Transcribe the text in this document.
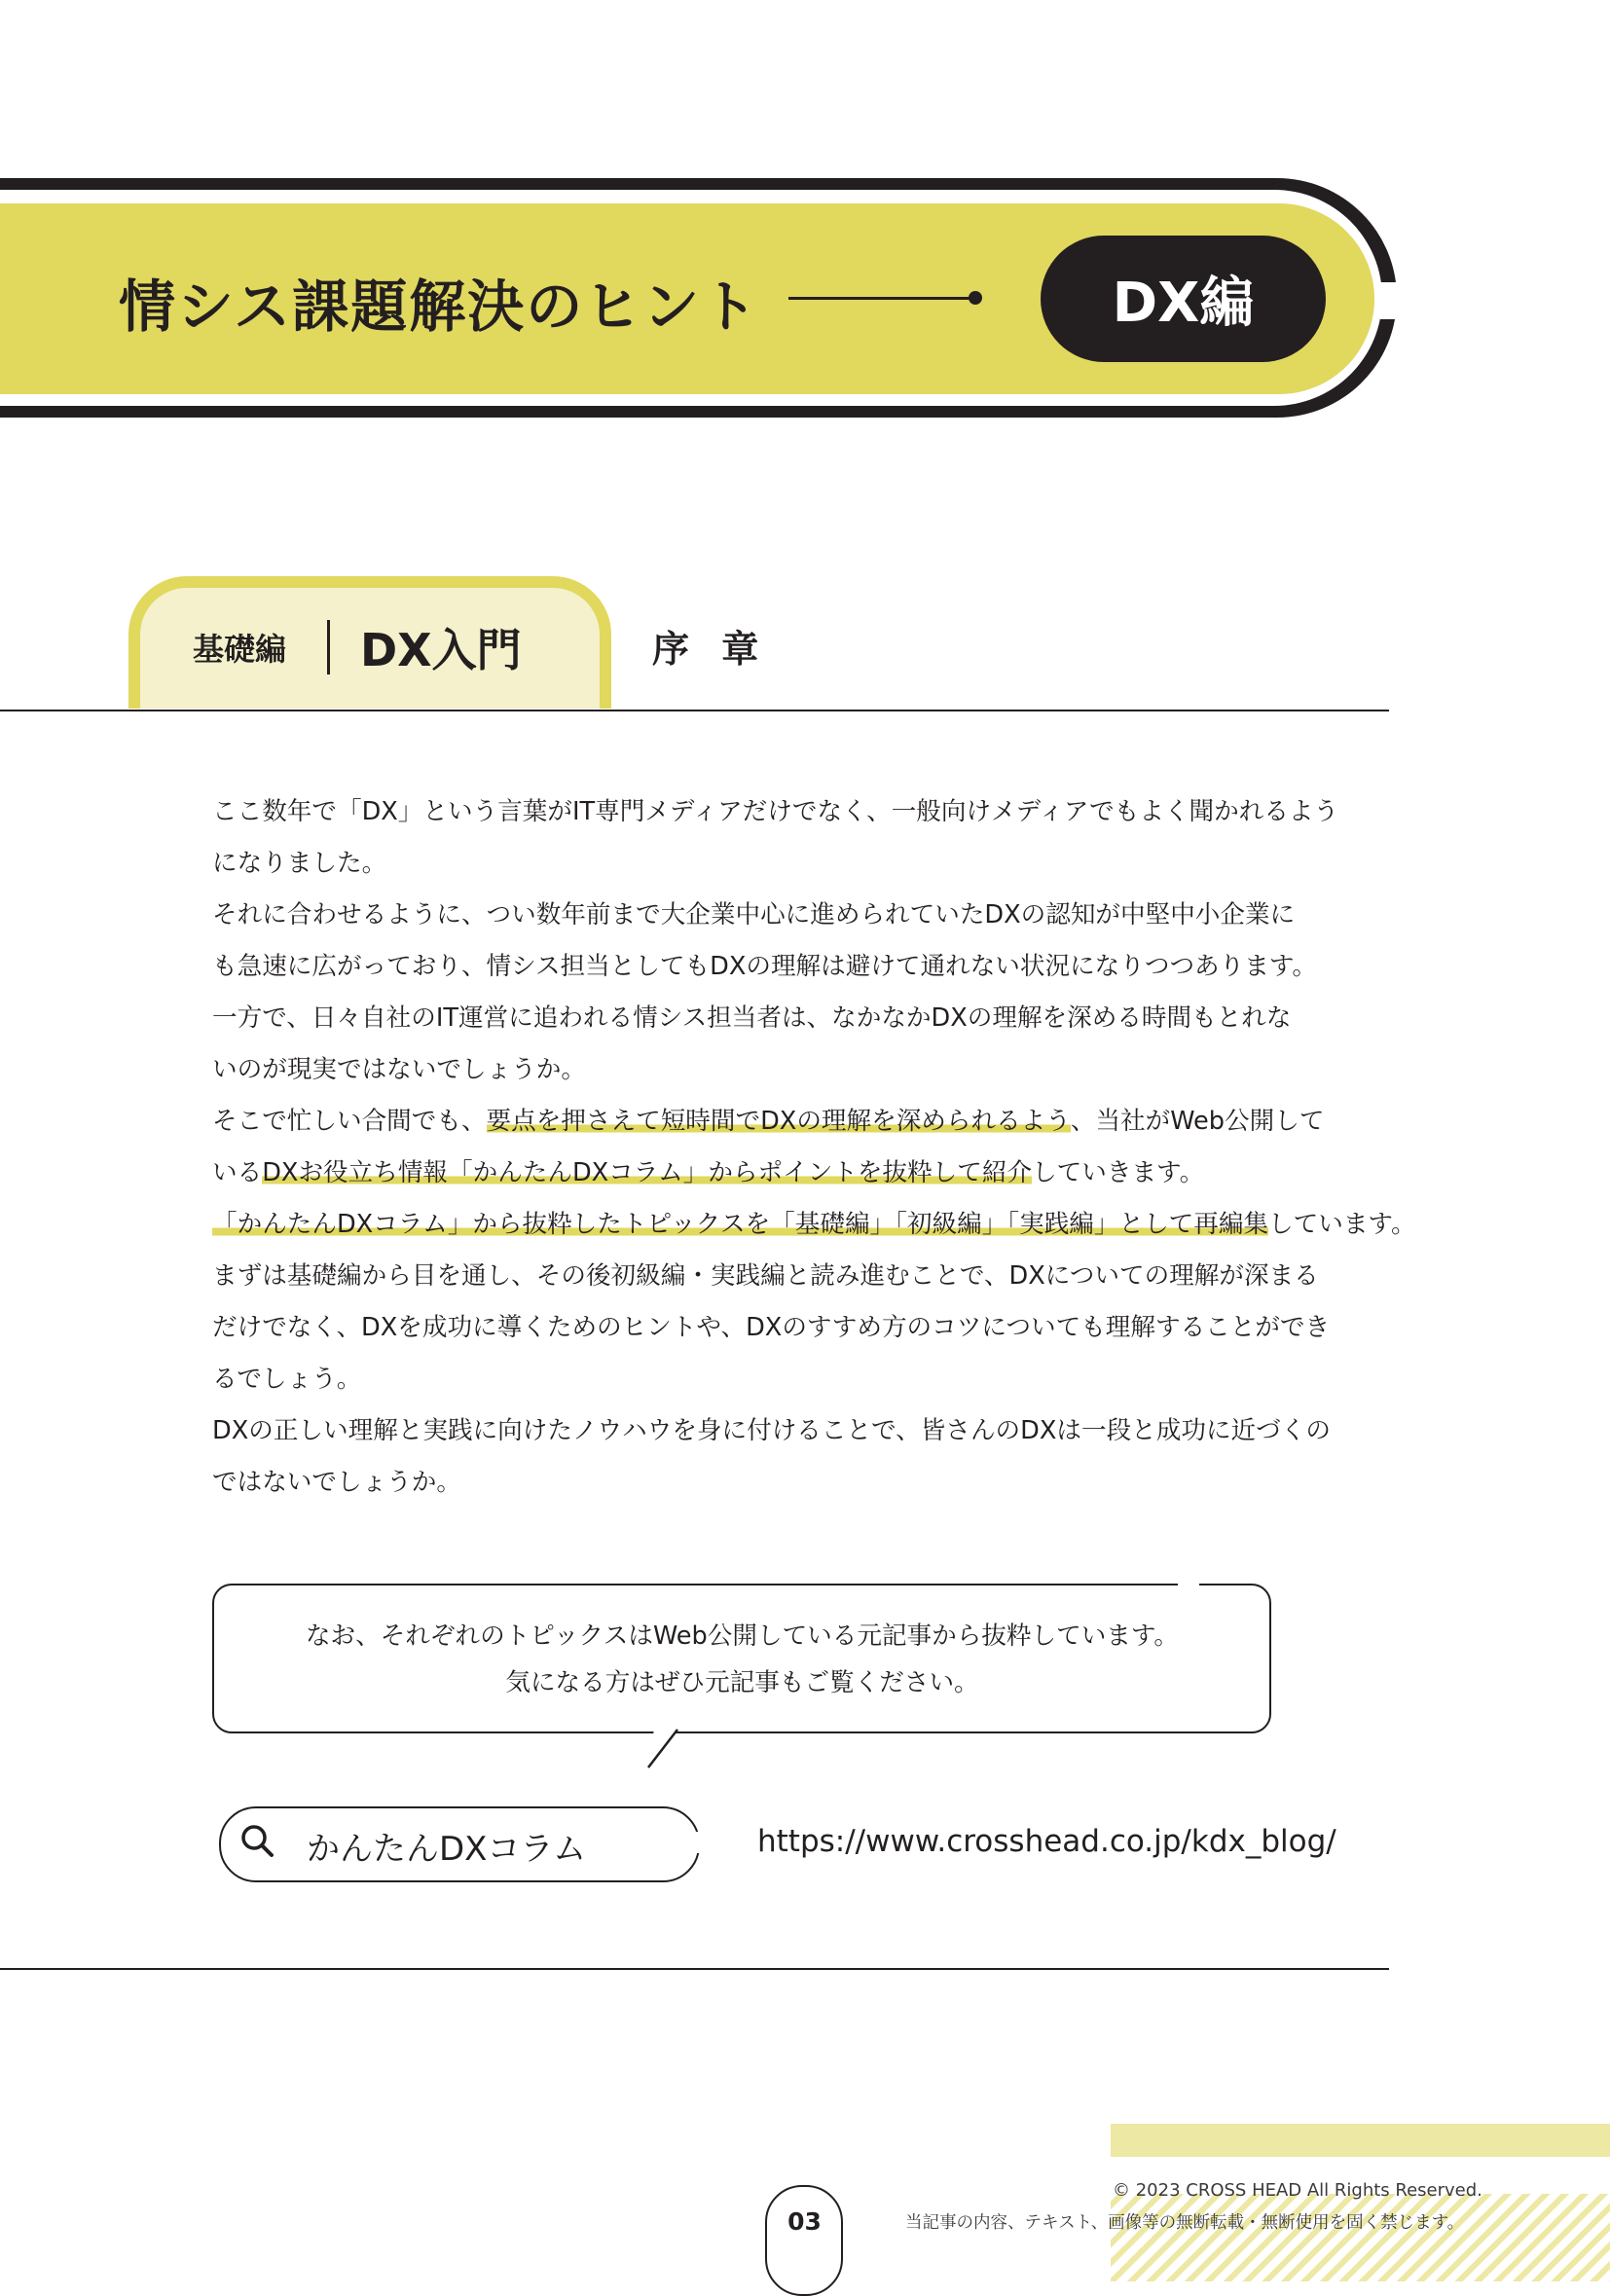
情シス課題解決のヒント	DX編
基礎編 DX入門	序 章

ここ数年で「DX」という言葉がIT専門メディアだけでなく、一般向けメディアでもよく聞かれるよう

になりました。

それに合わせるように、つい数年前まで大企業中心に進められていたDXの認知が中堅中小企業に

も急速に広がっており、情シス担当としてもDXの理解は避けて通れない状況になりつつあります。

一方で、日々自社のIT運営に追われる情シス担当者は、なかなかDXの理解を深める時間もとれな

いのが現実ではないでしょうか。

そこで忙しい合間でも、要点を押さえて短時間でDXの理解を深められるよう、当社がWeb公開して

いるDXお役立ち情報「かんたんDXコラム」からポイントを抜粋して紹介していきます。

「かんたんDXコラム」から抜粋したトピックスを「基礎編」「初級編」「実践編」として再編集しています。

まずは基礎編から目を通し、その後初級編・実践編と読み進むことで、DXについての理解が深まる

だけでなく、DXを成功に導くためのヒントや、DXのすすめ方のコツについても理解することができ

るでしょう。

DXの正しい理解と実践に向けたノウハウを身に付けることで、皆さんのDXは一段と成功に近づくの

ではないでしょうか。

なお、それぞれのトピックスはWeb公開している元記事から抜粋しています。

気になる方はぜひ元記事もご覧ください。

かんたんDXコラム	https://www.crosshead.co.jp/kdx_blog/
03
© 2023 CROSS HEAD All Rights Reserved.
当記事の内容、テキスト、画像等の無断転載・無断使用を固く禁じます。
